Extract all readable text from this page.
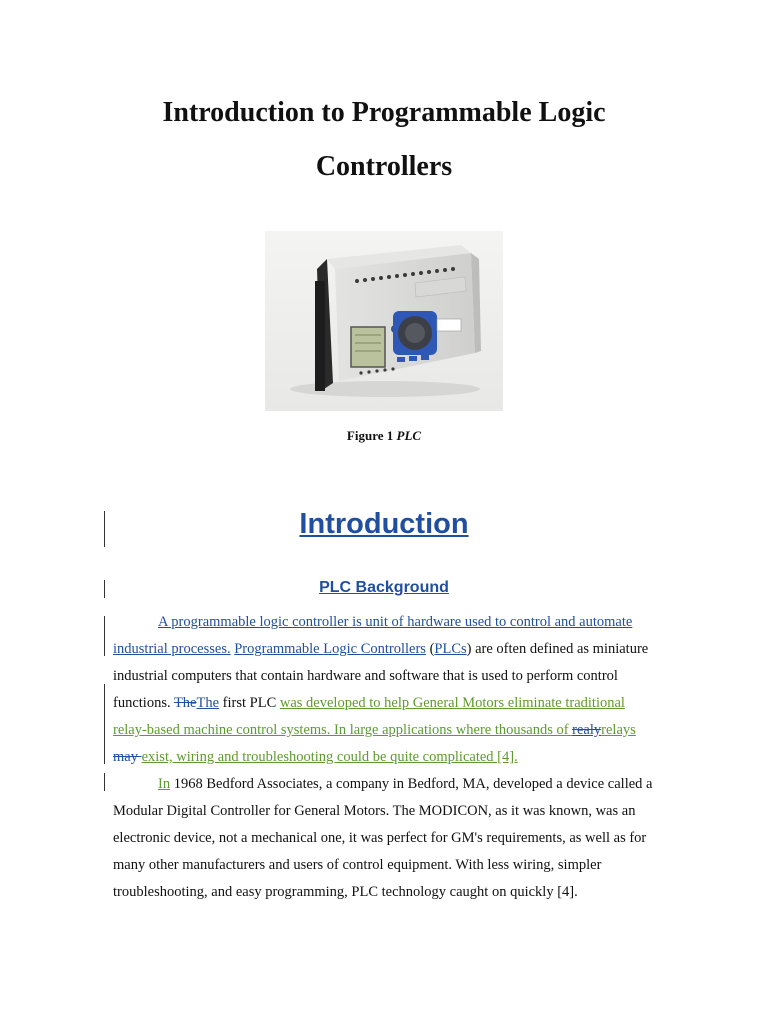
Introduction to Programmable Logic
Controllers
Figure 1 PLC
Introduction
PLC Background
A programmable logic controller is unit of hardware used to control and automate industrial processes. Programmable Logic Controllers (PLCs) are often defined as miniature industrial computers that contain hardware and software that is used to perform control functions. TheThe first PLC was developed to help General Motors eliminate traditional relay-based machine control systems. In large applications where thousands of realyrelays may exist, wiring and troubleshooting could be quite complicated [4].
In 1968 Bedford Associates, a company in Bedford, MA, developed a device called a Modular Digital Controller for General Motors. The MODICON, as it was known, was an electronic device, not a mechanical one, it was perfect for GM's requirements, as well as for many other manufacturers and users of control equipment. With less wiring, simpler troubleshooting, and easy programming, PLC technology caught on quickly [4].
